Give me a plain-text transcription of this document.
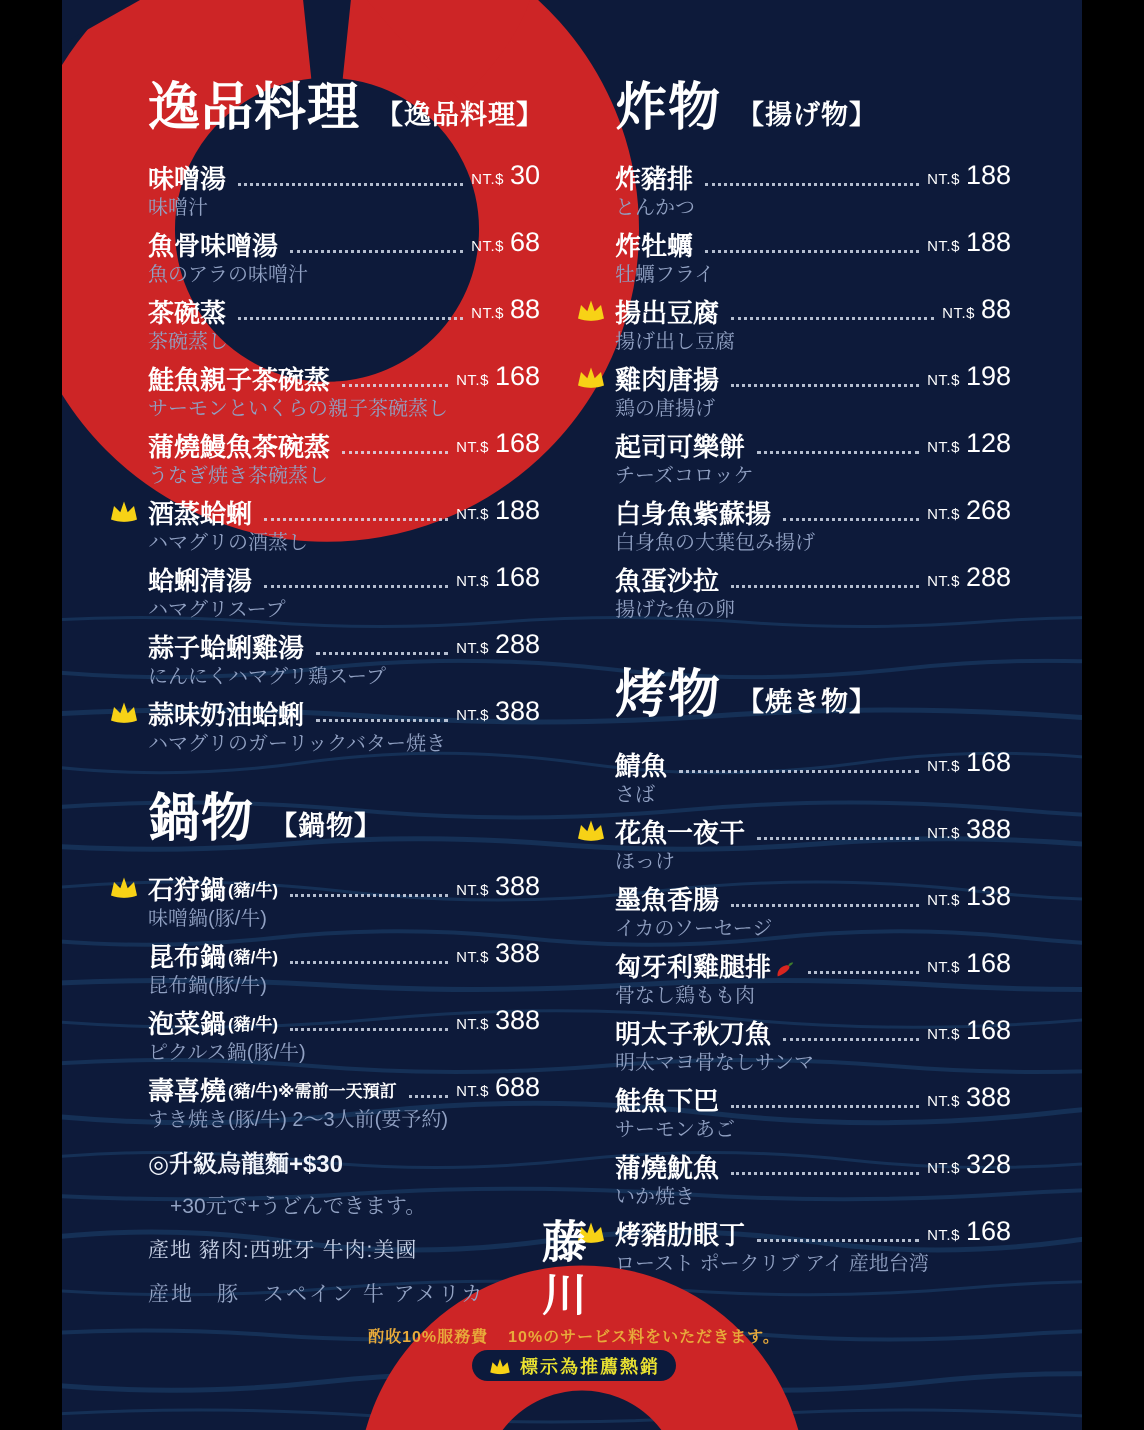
逸品料理 【逸品料理】
味噌湯	NT.$ 30
味噌汁
魚骨味噌湯	NT.$ 68
魚のアラの味噌汁
茶碗蒸	NT.$ 88
茶碗蒸し
鮭魚親子茶碗蒸	NT.$ 168
サーモンといくらの親子茶碗蒸し
蒲燒鰻魚茶碗蒸	NT.$ 168
うなぎ焼き茶碗蒸し
酒蒸蛤蜊	NT.$ 188
ハマグリの酒蒸し
蛤蜊清湯	NT.$ 168
ハマグリスープ
蒜子蛤蜊雞湯	NT.$ 288
にんにくハマグリ鶏スープ
蒜味奶油蛤蜊	NT.$ 388
ハマグリのガーリックバター焼き
鍋物 【鍋物】
石狩鍋 (豬/牛)	NT.$ 388
味噌鍋(豚/牛)
昆布鍋 (豬/牛)	NT.$ 388
昆布鍋(豚/牛)
泡菜鍋 (豬/牛)	NT.$ 388
ピクルス鍋(豚/牛)
壽喜燒 (豬/牛)※需前一天預訂	NT.$ 688
すき焼き(豚/牛) 2～3人前(要予約)
◎升級烏龍麵+$30
+30元で+うどんできます。
產地 豬肉:西班牙 牛肉:美國
産地　豚　スペイン 牛 アメリカ
炸物 【揚げ物】
炸豬排	NT.$ 188
とんかつ
炸牡蠣	NT.$ 188
牡蠣フライ
揚出豆腐	NT.$ 88
揚げ出し豆腐
雞肉唐揚	NT.$ 198
鶏の唐揚げ
起司可樂餅	NT.$ 128
チーズコロッケ
白身魚紫蘇揚	NT.$ 268
白身魚の大葉包み揚げ
魚蛋沙拉	NT.$ 288
揚げた魚の卵
烤物 【焼き物】
鯖魚	NT.$ 168
さば
花魚一夜干	NT.$ 388
ほっけ
墨魚香腸	NT.$ 138
イカのソーセージ
匈牙利雞腿排	NT.$ 168
骨なし鶏もも肉
明太子秋刀魚	NT.$ 168
明太マヨ骨なしサンマ
鮭魚下巴	NT.$ 388
サーモンあご
蒲燒魷魚	NT.$ 328
いか焼き
烤豬肋眼丁	NT.$ 168
ロースト ポークリブ アイ 産地台湾
藤川
酌收10%服務費 10%のサービス料をいただきます。
標示為推薦熱銷
